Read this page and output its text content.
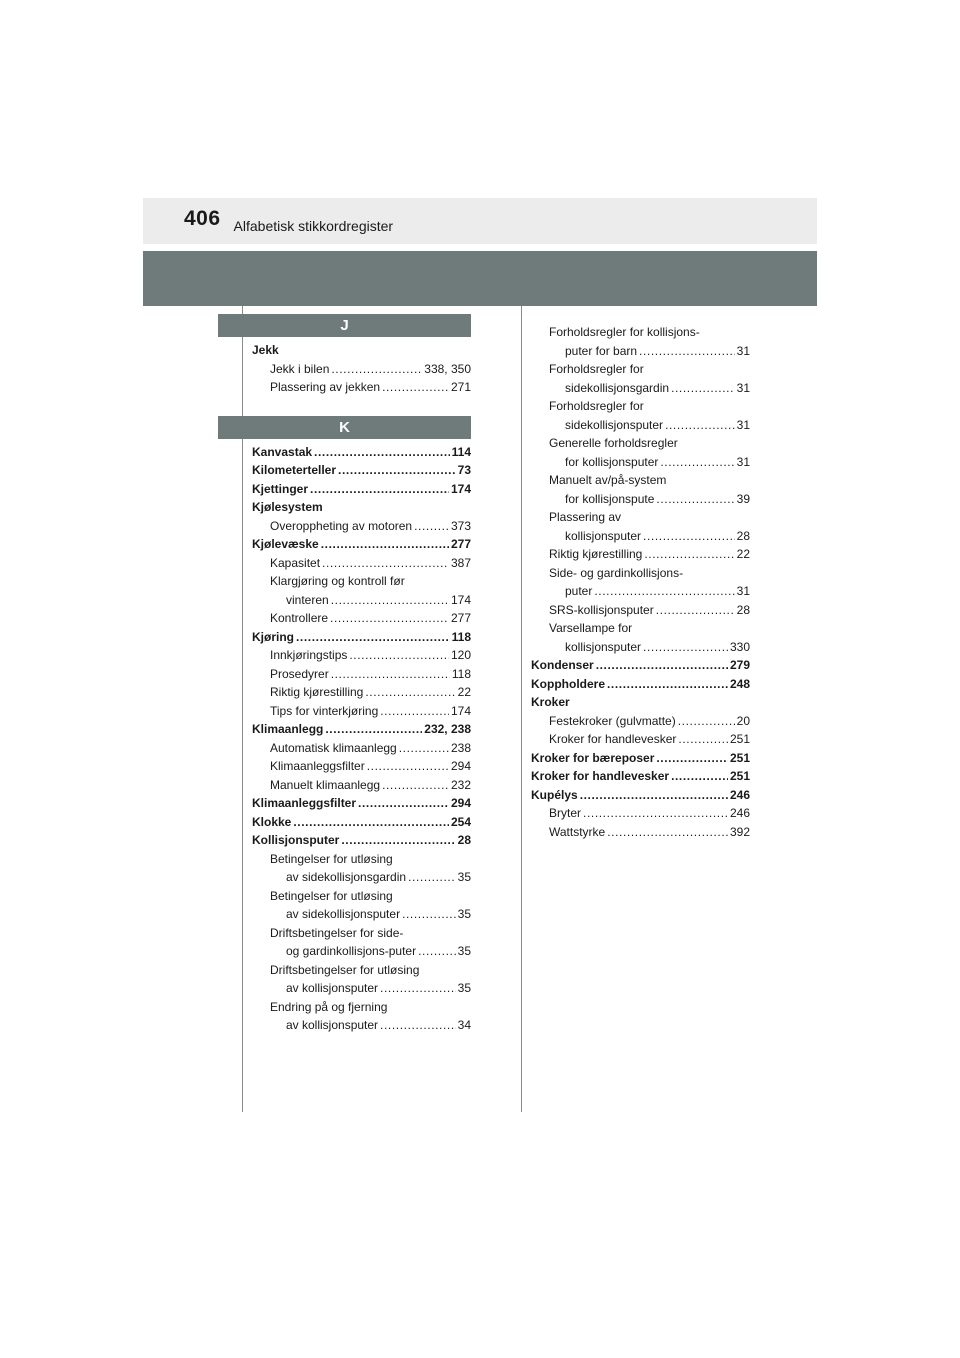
406 Alfabetisk stikkordregister
J
Jekk
Jekk i bilen .....	338, 350
Plassering av jekken .....	271
K
Kanvastak .....	114
Kilometerteller .....	73
Kjettinger .....	174
Kjølesystem
Overoppheting av motoren .....	373
Kjølevæske .....	277
Kapasitet .....	387
Klargjøring og kontroll før
vinteren .....	174
Kontrollere .....	277
Kjøring .....	118
Innkjøringstips .....	120
Prosedyrer .....	118
Riktig kjørestilling .....	22
Tips for vinterkjøring .....	174
Klimaanlegg .....	232, 238
Automatisk klimaanlegg .....	238
Klimaanleggsfilter .....	294
Manuelt klimaanlegg .....	232
Klimaanleggsfilter .....	294
Klokke .....	254
Kollisjonsputer .....	28
Betingelser for utløsing
av sidekollisjonsgardin .....	35
Betingelser for utløsing
av sidekollisjonsputer .....	35
Driftsbetingelser for side-
og gardinkollisjons-puter .....	35
Driftsbetingelser for utløsing
av kollisjonsputer .....	35
Endring på og fjerning
av kollisjonsputer .....	34
Forholdsregler for kollisjons-
puter for barn .....	31
Forholdsregler for
sidekollisjonsgardin .....	31
Forholdsregler for
sidekollisjonsputer .....	31
Generelle forholdsregler
for kollisjonsputer .....	31
Manuelt av/på-system
for kollisjonspute .....	39
Plassering av
kollisjonsputer .....	28
Riktig kjørestilling .....	22
Side- og gardinkollisjons-
puter .....	31
SRS-kollisjonsputer .....	28
Varsellampe for
kollisjonsputer .....	330
Kondenser .....	279
Koppholdere .....	248
Kroker
Festekroker (gulvmatte) .....	20
Kroker for handlevesker .....	251
Kroker for bæreposer .....	251
Kroker for handlevesker .....	251
Kupélys .....	246
Bryter .....	246
Wattstyrke .....	392
